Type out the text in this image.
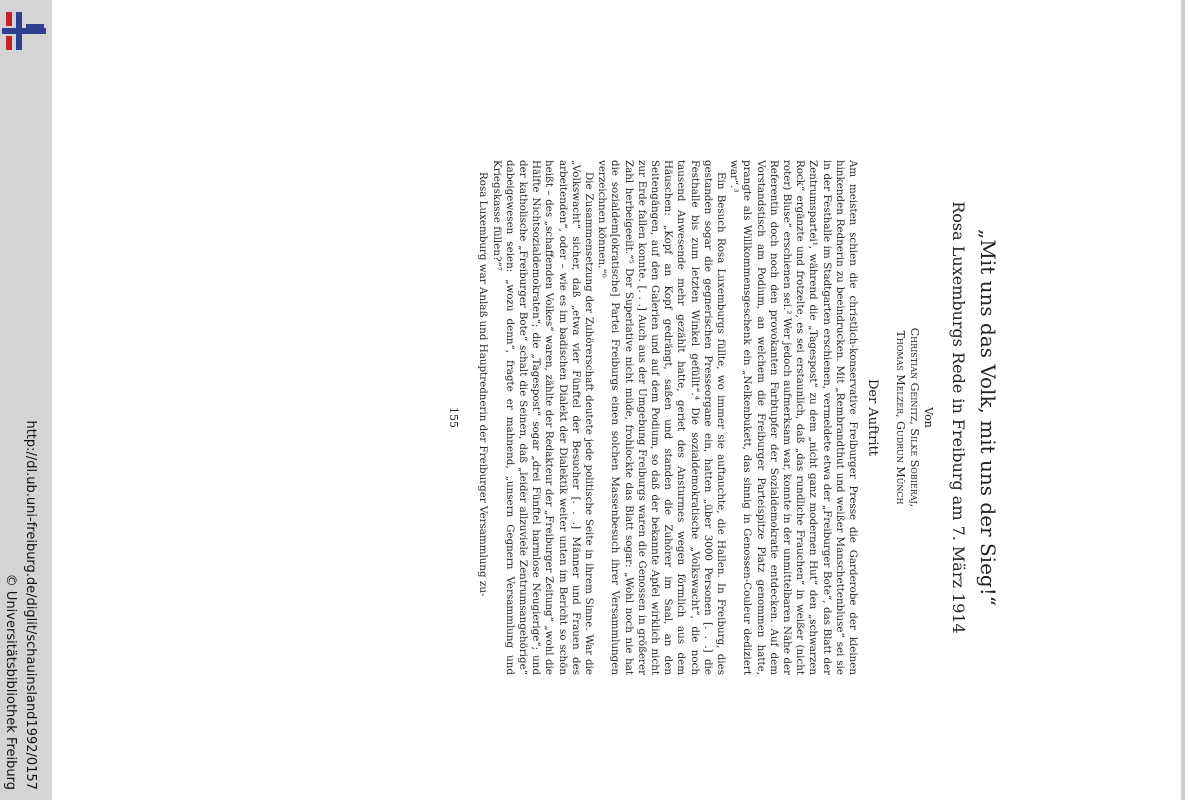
http://dl.ub.uni-freiburg.de/diglit/schauinsland1992/0157
© Universitätsbibliothek Freiburg
„Mit uns das Volk, mit uns der Sieg!“
Rosa Luxemburgs Rede in Freiburg am 7. März 1914
Von
Christian Geinitz, Silke Sobieraj,
Thomas Melzer, Gudrun Münch
Der Auftritt

Am meisten schien die christlich-konservative Freiburger Presse die Garderobe der kleinen hinkenden Rednerin zu beeindrucken. Mit „Rembrandthut und weißer Manschettenbluse“ sei sie in der Festhalle im Stadtgarten erschienen, vermeldete etwa der „Freiburger Bote“, das Blatt der Zentrumspartei¹, während die „Tagespost“ zu dem „nicht ganz modernen Hut“ den „schwarzen Rock“ ergänzte und frotzelte, es sei erstaunlich, daß „das rundliche Frauchen“ in weißer (nicht roter) Bluse“ erschienen sei.² Wer jedoch aufmerksam war, konnte in der unmittelbaren Nähe der Referentin doch noch den provokanten Farbtupfer der Sozialdemokratie entdecken. Auf dem Vorstandstisch am Podium, an welchem die Freiburger Parteispitze Platz genommen hatte, prangte als Willkommensgeschenk ein „Nelkenbukett, das sinnig in Genossen-Couleur dediziert war“.³

Ein Besuch Rosa Luxemburgs füllte, wo immer sie auftauchte, die Hallen. In Freiburg, dies gestanden sogar die gegnerischen Presseorgane ein, hatten „über 3000 Personen [. . .] die Festhalle bis zum letzten Winkel gefüllt“.⁴ Die sozialdemokratische „Volkswacht“, die noch tausend Anwesende mehr gezählt hatte, geriet des Ansturmes wegen förmlich aus dem Häuschen: „Kopf an Kopf gedrängt, saßen und standen die Zuhörer im Saal, an den Seitengängen, auf den Galerien und auf dem Podium, so daß der bekannte Apfel wirklich nicht zur Erde fallen konnte. [. . .] Auch aus der Umgebung Freiburgs waren die Genossen in größerer Zahl herbeigeeilt.“⁵ Der Superlative nicht müde, frohlockte das Blatt sogar: „Wohl noch nie hat die sozialdem[okratische] Partei Freiburgs einen solchen Massenbesuch ihrer Versammlungen verzeichnen können.“⁶

Die Zusammensetzung der Zuhörerschaft deutete jede politische Seite in ihrem Sinne. War die „Volkswacht“ sicher, daß „etwa vier Fünftel der Besucher [. . .] Männer und Frauen des arbeitenden“, oder – wie es im badischen Dialekt der Dialektik weiter unten im Bericht so schön heißt – des „schaffenden Volkes“ waren, zählte der Redakteur der „Freiburger Zeitung“ „wohl die Hälfte Nichtsozialdemokraten“; die „Tagespost“ sogar „drei Fünftel harmlose Neugierige“; und der katholische „Freiburger Bote“ schalt die Seinen, daß „leider allzuviele Zentrumsangehörige“ dabeigewesen seien: „wozu denn“, fragte er mahnend, „unsern Gegnern Versammlung und Kriegskasse füllen?“⁷

Rosa Luxemburg war Anlaß und Hauptrednerin der Freiburger Versammlung zu-

155
